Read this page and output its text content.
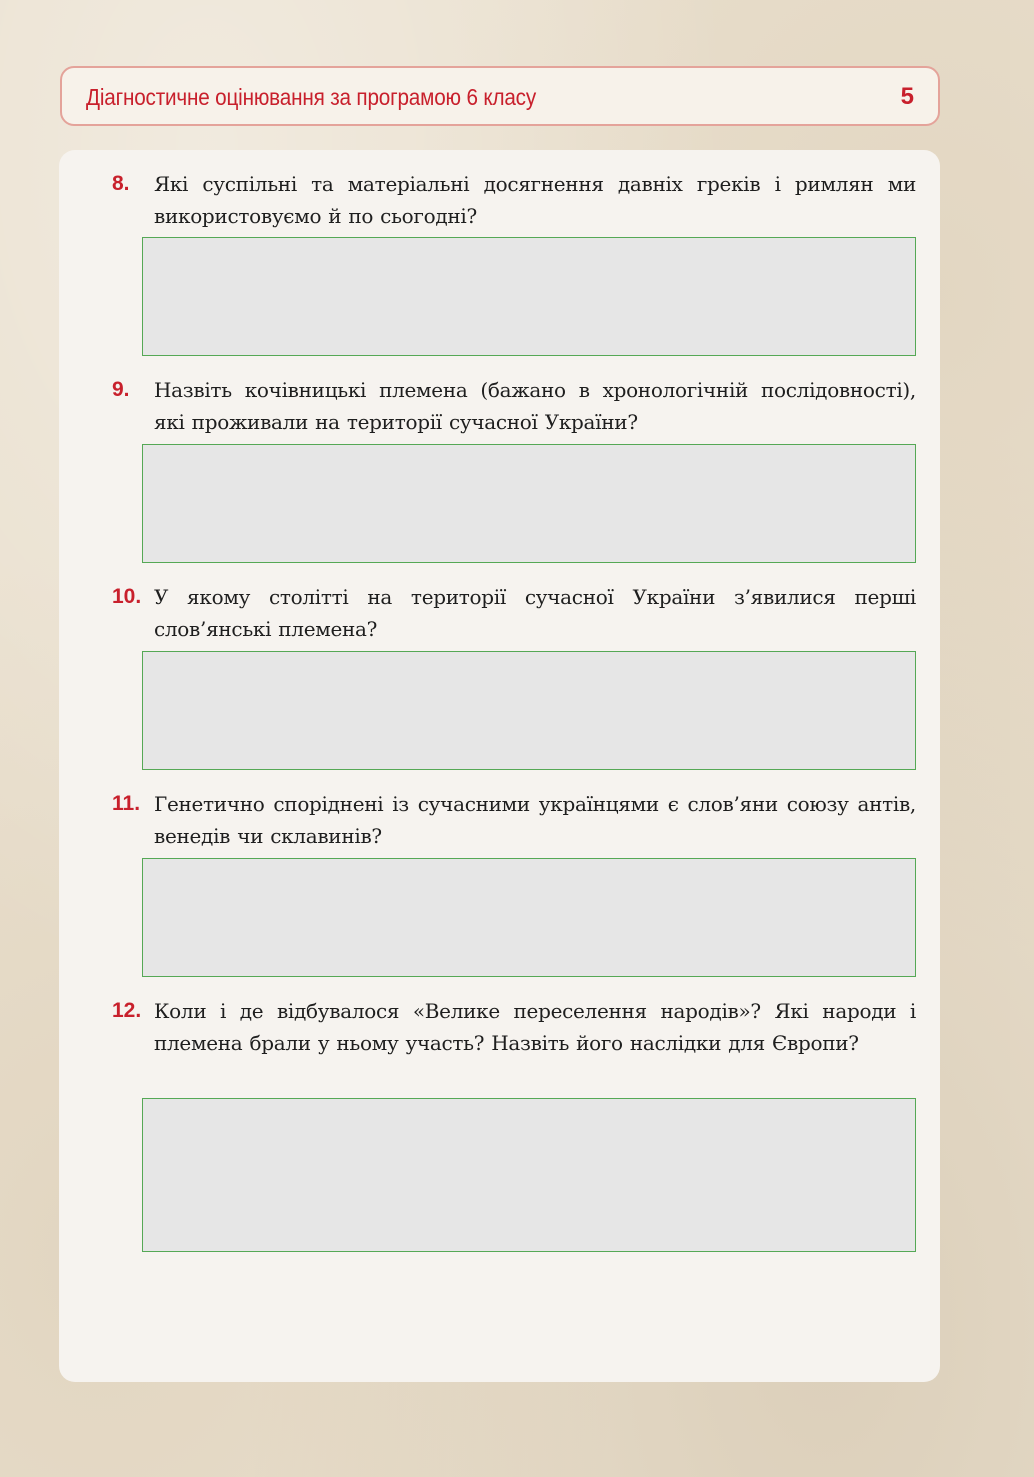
Діагностичне оцінювання за програмою 6 класу	5
8. Які суспільні та матеріальні досягнення давніх греків і римлян ми використовуємо й по сьогодні?
9. Назвіть кочівницькі племена (бажано в хронологічній послідовності), які проживали на території сучасної України?
10. У якому столітті на території сучасної України з’явилися перші слов’янські племена?
11. Генетично споріднені із сучасними українцями є слов’яни союзу антів, венедів чи склавинів?
12. Коли і де відбувалося «Велике переселення народів»? Які народи і племена брали у ньому участь? Назвіть його наслідки для Європи?
